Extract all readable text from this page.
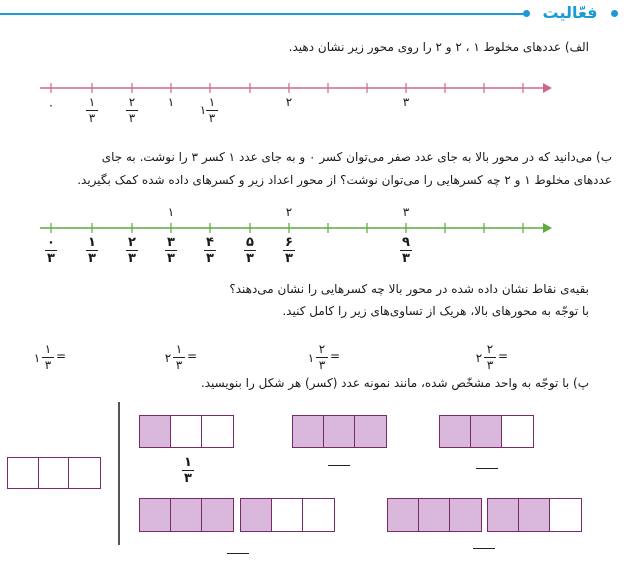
فعّالیت
الف) عددهای مخلوط ۱ ، ۲ و ۲ را روی محور زیر نشان دهید.
۰	۱
۳
۲
۳
۱
۱
۱
۳
۲	۳
ب) می‌دانید که در محور بالا به جای عدد صفر می‌توان کسر ۰ و به جای عدد ۱ کسر ۳ را نوشت. به جای
عددهای مخلوط ۱ و ۲ چه کسرهایی را می‌توان نوشت؟ از محور اعداد زیر و کسرهای داده شده کمک بگیرید.
۱	۲	۳
۰
۳
۱
۳
۲
۳
۳
۳
۴
۳
۵
۳
۶
۳
۹
۳
بقیه‌ی نقاط نشان داده شده در محور بالا چه کسرهایی را نشان می‌دهند؟
با توجّه به محورهای بالا، هریک از تساوی‌های زیر را کامل کنید.
۱
۱
۳
=	۲
۱
۳
=	۱
۲
۳
=	۲
۲
۳
=
پ) با توجّه به واحد مشخّص شده، مانند نمونه عدد (کسر) هر شکل را بنویسید.
۱
۳
